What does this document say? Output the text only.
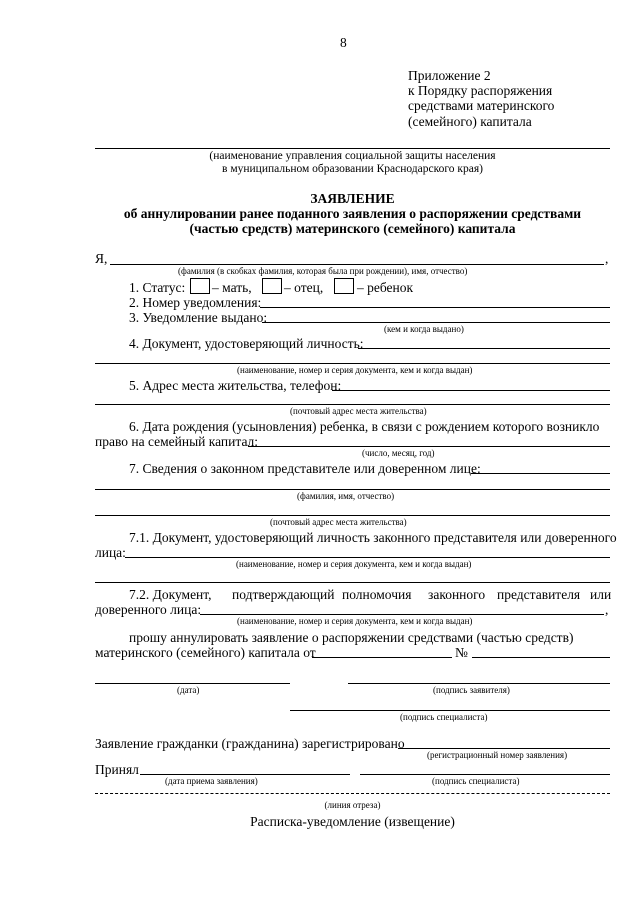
8
Приложение 2
к Порядку распоряжения
средствами материнского
(семейного) капитала
(наименование управления социальной защиты населения
в муниципальном образовании Краснодарского края)
ЗАЯВЛЕНИЕ
об аннулировании ранее поданного заявления о распоряжении средствами
(частью средств) материнского (семейного) капитала
Я,	,
(фамилия (в скобках фамилия, которая была при рождении), имя, отчество)
1. Статус: – мать, – отец,	– ребенок
2. Номер уведомления:
3. Уведомление выдано:
(кем и когда выдано)
4. Документ, удостоверяющий личность:
(наименование, номер и серия документа, кем и когда выдан)
5. Адрес места жительства, телефон:
(почтовый адрес места жительства)
6. Дата рождения (усыновления) ребенка, в связи с рождением которого возникло
право на семейный капитал:
(число, месяц, год)
7. Сведения о законном представителе или доверенном лице:
(фамилия, имя, отчество)
(почтовый адрес места жительства)
7.1. Документ, удостоверяющий личность законного представителя или доверенного
лица:
(наименование, номер и серия документа, кем и когда выдан)
7.2. Документ, подтверждающий полномочия законного представителя или
доверенного лица:	,
(наименование, номер и серия документа, кем и когда выдан)
прошу аннулировать заявление о распоряжении средствами (частью средств)
материнского (семейного) капитала от	№
(дата)	(подпись заявителя)
(подпись специалиста)
Заявление гражданки (гражданина) зарегистрировано
(регистрационный номер заявления)
Принял
(дата приема заявления)	(подпись специалиста)
(линия отреза)
Расписка-уведомление (извещение)
